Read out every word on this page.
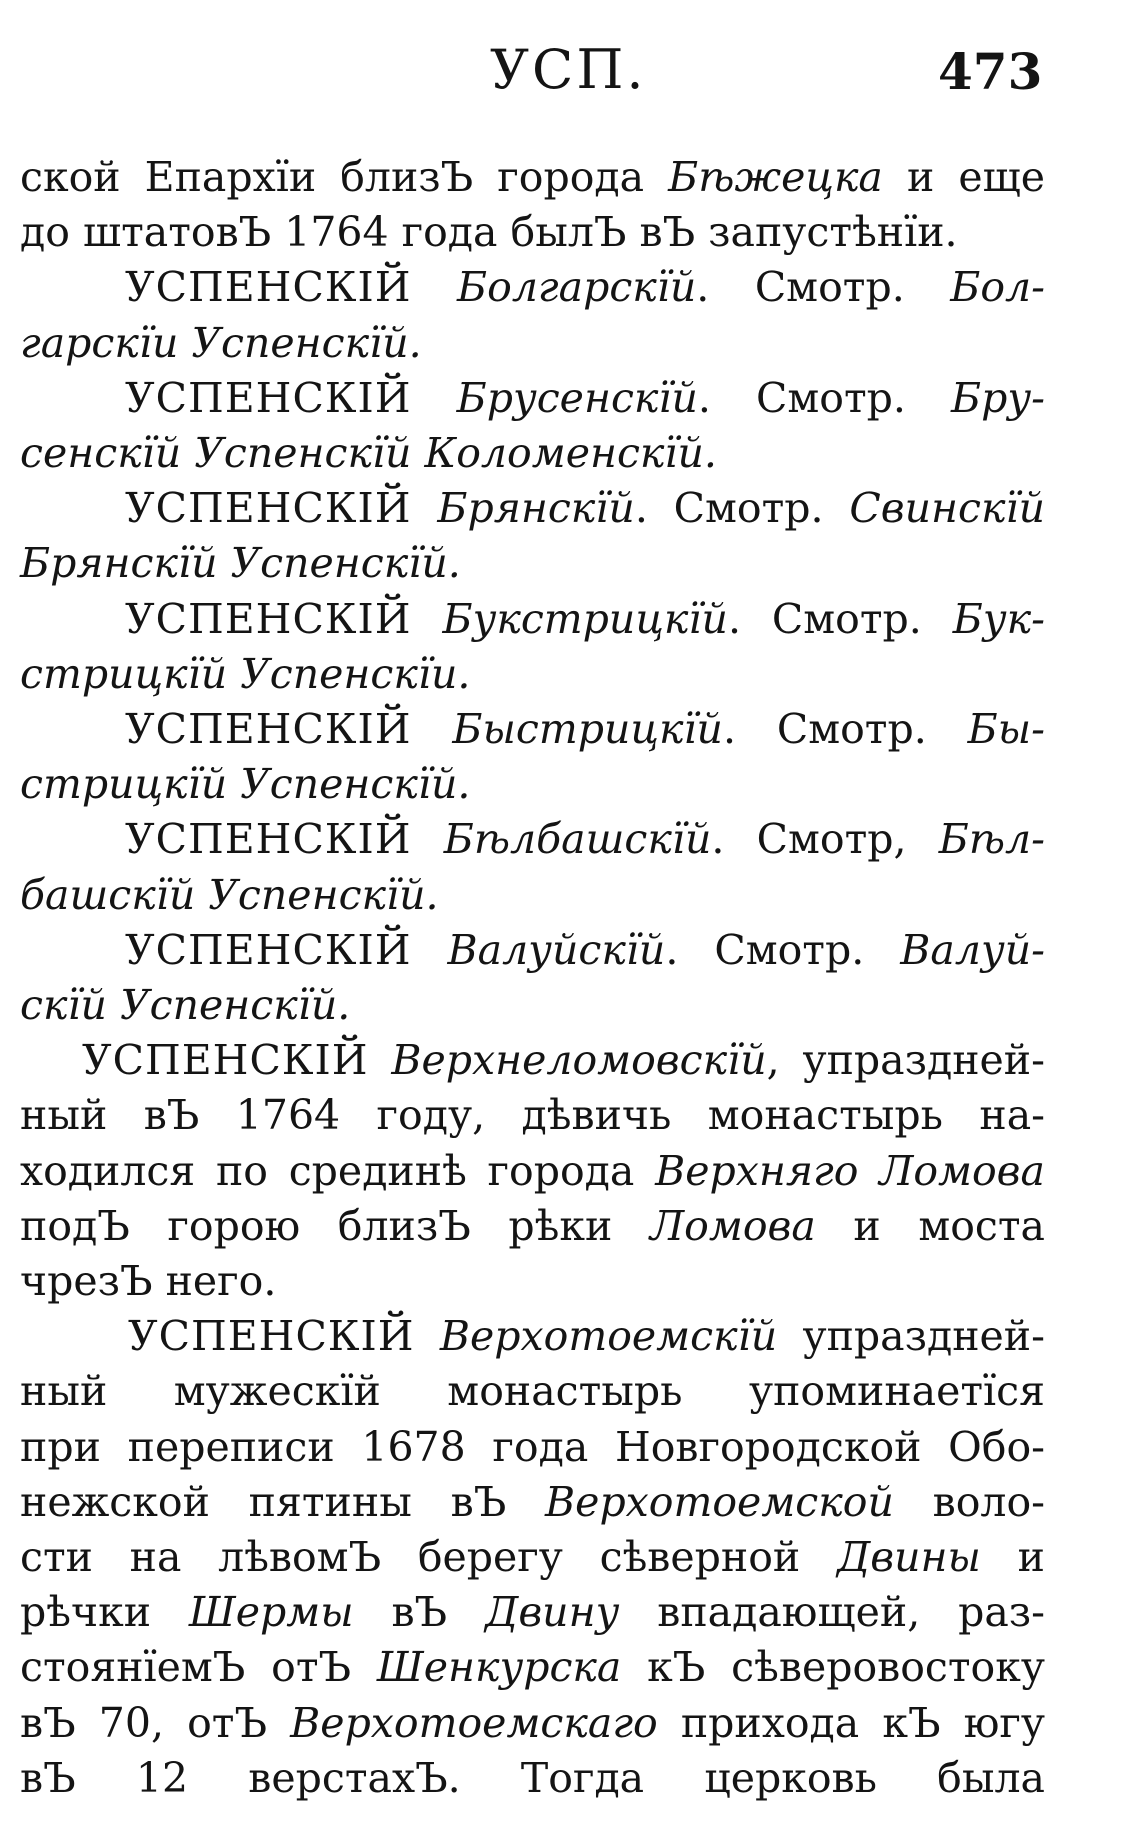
УСП.	473
ской Епархїи близЪ города Бѣжецка и еще
до штатовЪ 1764 года былЪ вЪ запустѣнїи.
УСПЕНСКІЙ Болгарскїй. Смотр. Бол-
гарскїи Успенскїй.
УСПЕНСКІЙ Брусенскїй. Смотр. Бру-
сенскїй Успенскїй Коломенскїй.
УСПЕНСКІЙ Брянскїй. Смотр. Свинскїй
Брянскїй Успенскїй.
УСПЕНСКІЙ Букстрицкїй. Смотр. Бук-
стрицкїй Успенскїи.
УСПЕНСКІЙ Быстрицкїй. Смотр. Бы-
стрицкїй Успенскїй.
УСПЕНСКІЙ Бѣлбашскїй. Смотр, Бѣл-
башскїй Успенскїй.
УСПЕНСКІЙ Валуйскїй. Смотр. Валуй-
скїй Успенскїй.
УСПЕНСКІЙ Верхнеломовскїй, упраздней-
ный вЪ 1764 году, дѣвичь монастырь на-
ходился по срединѣ города Верхняго Ломова
подЪ горою близЪ рѣки Ломова и моста
чрезЪ него.
УСПЕНСКІЙ Верхотоемскїй упраздней-
ный мужескїй монастырь упоминаетїся
при переписи 1678 года Новгородской Обо-
нежской пятины вЪ Верхотоемской воло-
сти на лѣвомЪ берегу сѣверной Двины и
рѣчки Шермы вЪ Двину впадающей, раз-
стоянїемЪ отЪ Шенкурска кЪ сѣверовостоку
вЪ 70, отЪ Верхотоемскаго прихода кЪ югу
вЪ 12 верстахЪ. Тогда церковь была
